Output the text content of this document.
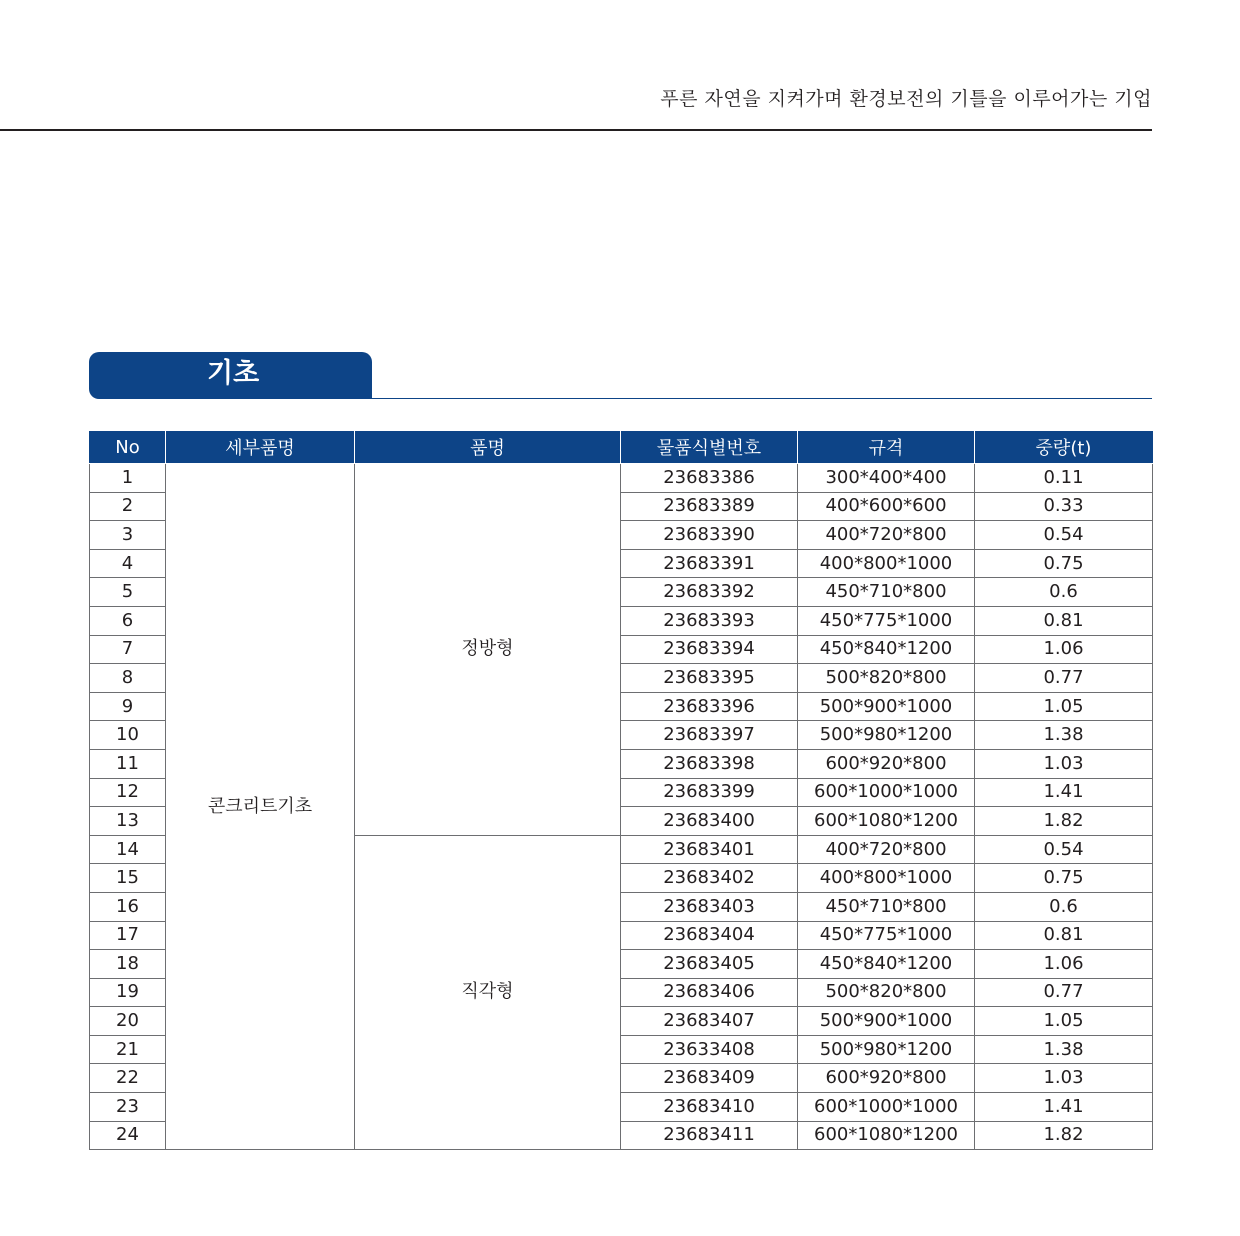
푸른 자연을 지켜가며 환경보전의 기틀을 이루어가는 기업
기초
No	세부품명	품명	물품식별번호	규격	중량(t)
1	콘크리트기초	정방형	23683386	300*400*400	0.11
2			23683389	400*600*600	0.33
3			23683390	400*720*800	0.54
4			23683391	400*800*1000	0.75
5			23683392	450*710*800	0.6
6			23683393	450*775*1000	0.81
7			23683394	450*840*1200	1.06
8			23683395	500*820*800	0.77
9			23683396	500*900*1000	1.05
10			23683397	500*980*1200	1.38
11			23683398	600*920*800	1.03
12			23683399	600*1000*1000	1.41
13			23683400	600*1080*1200	1.82
14		직각형	23683401	400*720*800	0.54
15			23683402	400*800*1000	0.75
16			23683403	450*710*800	0.6
17			23683404	450*775*1000	0.81
18			23683405	450*840*1200	1.06
19			23683406	500*820*800	0.77
20			23683407	500*900*1000	1.05
21			23633408	500*980*1200	1.38
22			23683409	600*920*800	1.03
23			23683410	600*1000*1000	1.41
24			23683411	600*1080*1200	1.82
